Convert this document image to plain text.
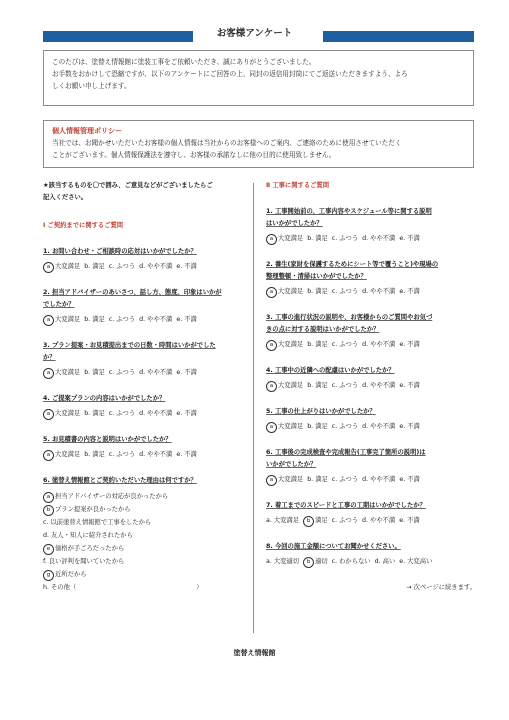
お客様アンケート
このたびは、塗替え情報館に塗装工事をご依頼いただき、誠にありがとうございました。
お手数をおかけして恐縮ですが、以下のアンケートにご回答の上、同封の返信用封筒にてご返送いただきますよう、よろ
しくお願い申し上げます。
個人情報管理ポリシー
当社では、お聞かせいただいたお客様の個人情報は当社からのお客様へのご案内、ご連絡のために使用させていただく
ことがございます。個人情報保護法を遵守し、お客様の承諾なしに他の目的に使用致しません。
★該当するものを〇で囲み、ご意見などがございましたらご
記入ください。
Ⅰ ご契約までに関するご質問
1. お問い合わせ・ご相談時の応対はいかがでしたか？
a 大変満足 b. 満足 c. ふつう d. やや不満 e. 不満
2. 担当アドバイザーのあいさつ、話し方、態度、印象はいかが
でしたか？
a 大変満足 b. 満足 c. ふつう d. やや不満 e. 不満
3. プラン提案・お見積提出までの日数・時間はいかがでした
か？
a 大変満足 b. 満足 c. ふつう d. やや不満 e. 不満
4. ご提案プランの内容はいかがでしたか？
a 大変満足 b. 満足 c. ふつう d. やや不満 e. 不満
5. お見積書の内容と説明はいかがでしたか？
a 大変満足 b. 満足 c. ふつう d. やや不満 e. 不満
6. 塗替え情報館とご契約いただいた理由は何ですか？
a 担当アドバイザーの対応が良かったから
b プラン提案が良かったから
c. 以前塗替え情報館で工事をしたから
d. 友人・知人に紹介されたから
e 価格が手ごろだったから
f. 良い評判を聞いていたから
g 近所だから
h. その他（	）
Ⅱ 工事に関するご質問
1. 工事開始前の、工事内容やスケジュール等に関する説明
はいかがでしたか？
a 大変満足 b. 満足 c. ふつう d. やや不満 e. 不満
2. 養生(家財を保護するためにシート等で覆うこと)や現場の
整理整頓・清掃はいかがでしたか？
a 大変満足 b. 満足 c. ふつう d. やや不満 e. 不満
3. 工事の進行状況の説明や、お客様からのご質問やお気づ
きの点に対する説明はいかがでしたか？
a 大変満足 b. 満足 c. ふつう d. やや不満 e. 不満
4. 工事中の近隣への配慮はいかがでしたか？
a 大変満足 b. 満足 c. ふつう d. やや不満 e. 不満
5. 工事の仕上がりはいかがでしたか？
a 大変満足 b. 満足 c. ふつう d. やや不満 e. 不満
6. 工事後の完成検査や完成報告(工事完了箇所の説明)は
いかがでしたか？
a 大変満足 b. 満足 c. ふつう d. やや不満 e. 不満
7. 着工までのスピードと工事の工期はいかがでしたか？
a. 大変満足 b 満足 c. ふつう d. やや不満 e. 不満
8. 今回の施工金額についてお聞かせください。
a. 大変適切 b 適切 c. わからない d. 高い e. 大変高い
→ 次ページに続きます。
塗替え情報館
